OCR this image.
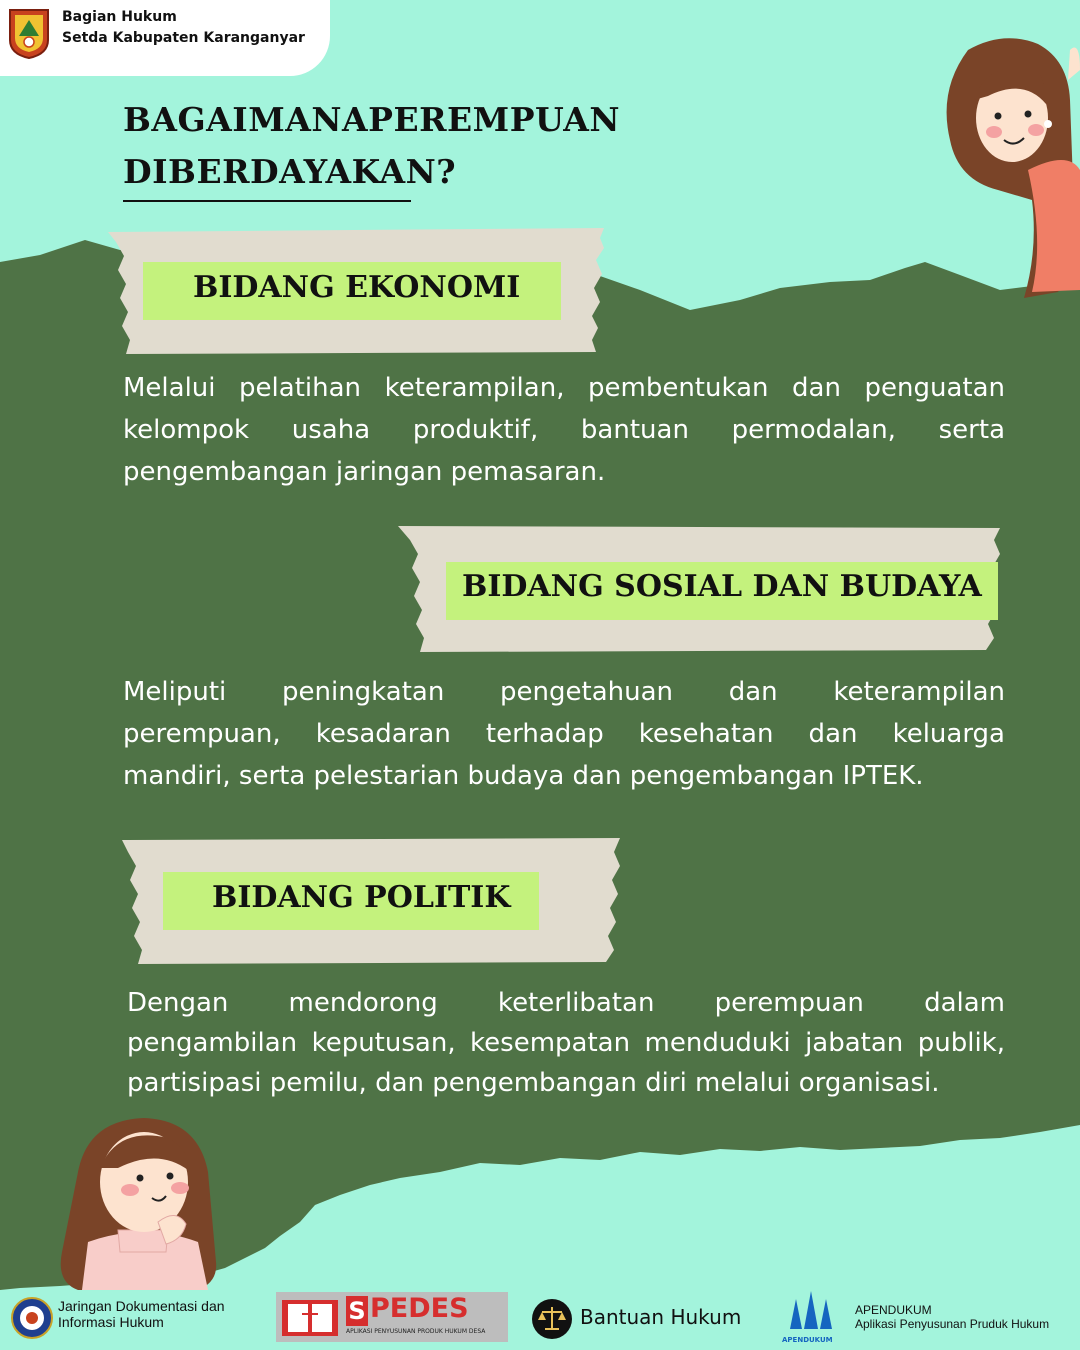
Bagian Hukum
Setda Kabupaten Karanganyar
BAGAIMANA PEREMPUAN
DIBERDAYAKAN?
BIDANG EKONOMI
Melalui pelatihan keterampilan, pembentukan dan penguatan
kelompok usaha produktif, bantuan permodalan, serta
pengembangan jaringan pemasaran.
BIDANG SOSIAL DAN BUDAYA
Meliputi peningkatan pengetahuan dan keterampilan
perempuan, kesadaran terhadap kesehatan dan keluarga
mandiri, serta pelestarian budaya dan pengembangan IPTEK.
BIDANG POLITIK
Dengan mendorong keterlibatan perempuan dalam
pengambilan keputusan, kesempatan menduduki jabatan publik,
partisipasi pemilu, dan pengembangan diri melalui organisasi.
Jaringan Dokumentasi dan
Informasi Hukum	S PEDES
APLIKASI PENYUSUNAN PRODUK HUKUM DESA
Bantuan Hukum
APENDUKUM
APENDUKUM
Aplikasi Penyusunan Pruduk Hukum
